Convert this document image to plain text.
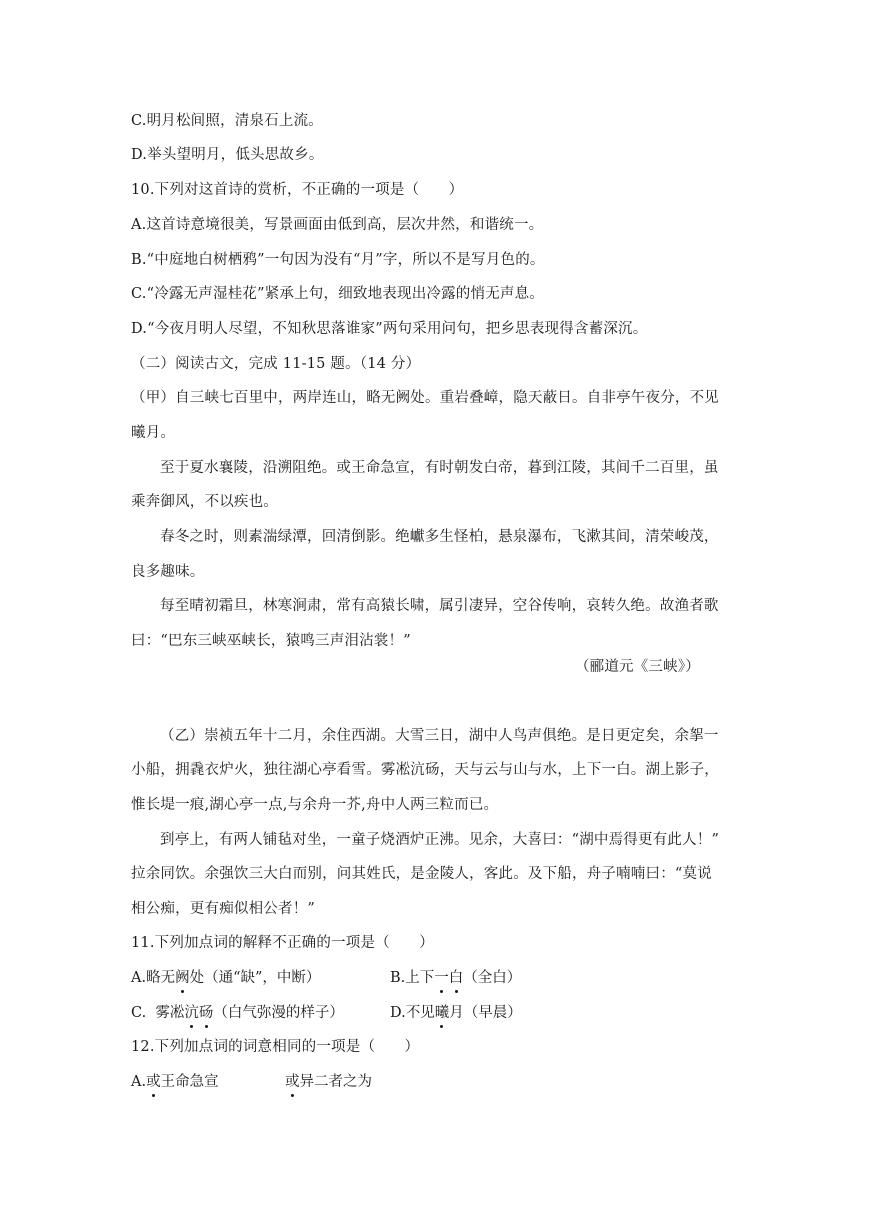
C.明月松间照，清泉石上流。
D.举头望明月，低头思故乡。
10.下列对这首诗的赏析，不正确的一项是（　　）
A.这首诗意境很美，写景画面由低到高，层次井然，和谐统一。
B.“中庭地白树栖鸦”一句因为没有“月”字，所以不是写月色的。
C.“冷露无声湿桂花”紧承上句，细致地表现出冷露的悄无声息。
D.“今夜月明人尽望，不知秋思落谁家”两句采用问句，把乡思表现得含蓄深沉。
（二）阅读古文，完成 11-15 题。（14 分）
（甲）自三峡七百里中，两岸连山，略无阙处。重岩叠嶂，隐天蔽日。自非亭午夜分，不见
曦月。
至于夏水襄陵，沿溯阻绝。或王命急宣，有时朝发白帝，暮到江陵，其间千二百里，虽
乘奔御风，不以疾也。
春冬之时，则素湍绿潭，回清倒影。绝巘多生怪柏，悬泉瀑布，飞漱其间，清荣峻茂，
良多趣味。
每至晴初霜旦，林寒涧肃，常有高猿长啸，属引凄异，空谷传响，哀转久绝。故渔者歌
曰：“巴东三峡巫峡长，猿鸣三声泪沾裳！”
（郦道元《三峡》）
（乙）崇祯五年十二月，余住西湖。大雪三日，湖中人鸟声俱绝。是日更定矣，余挐一
小船，拥毳衣炉火，独往湖心亭看雪。雾凇沆砀，天与云与山与水，上下一白。湖上影子，
惟长堤一痕,湖心亭一点,与余舟一芥,舟中人两三粒而已。
到亭上，有两人铺毡对坐，一童子烧酒炉正沸。见余，大喜曰：“湖中焉得更有此人！”
拉余同饮。余强饮三大白而别，问其姓氏，是金陵人，客此。及下船，舟子喃喃曰：“莫说
相公痴，更有痴似相公者！”
11.下列加点词的解释不正确的一项是（　　）
A.略无阙处（通“缺”，中断）	B.上下一白（全白）
C.  雾凇沆砀（白气弥漫的样子）	D.不见曦月（早晨）
12.下列加点词的词意相同的一项是（　　）
A.或王命急宣	或异二者之为
